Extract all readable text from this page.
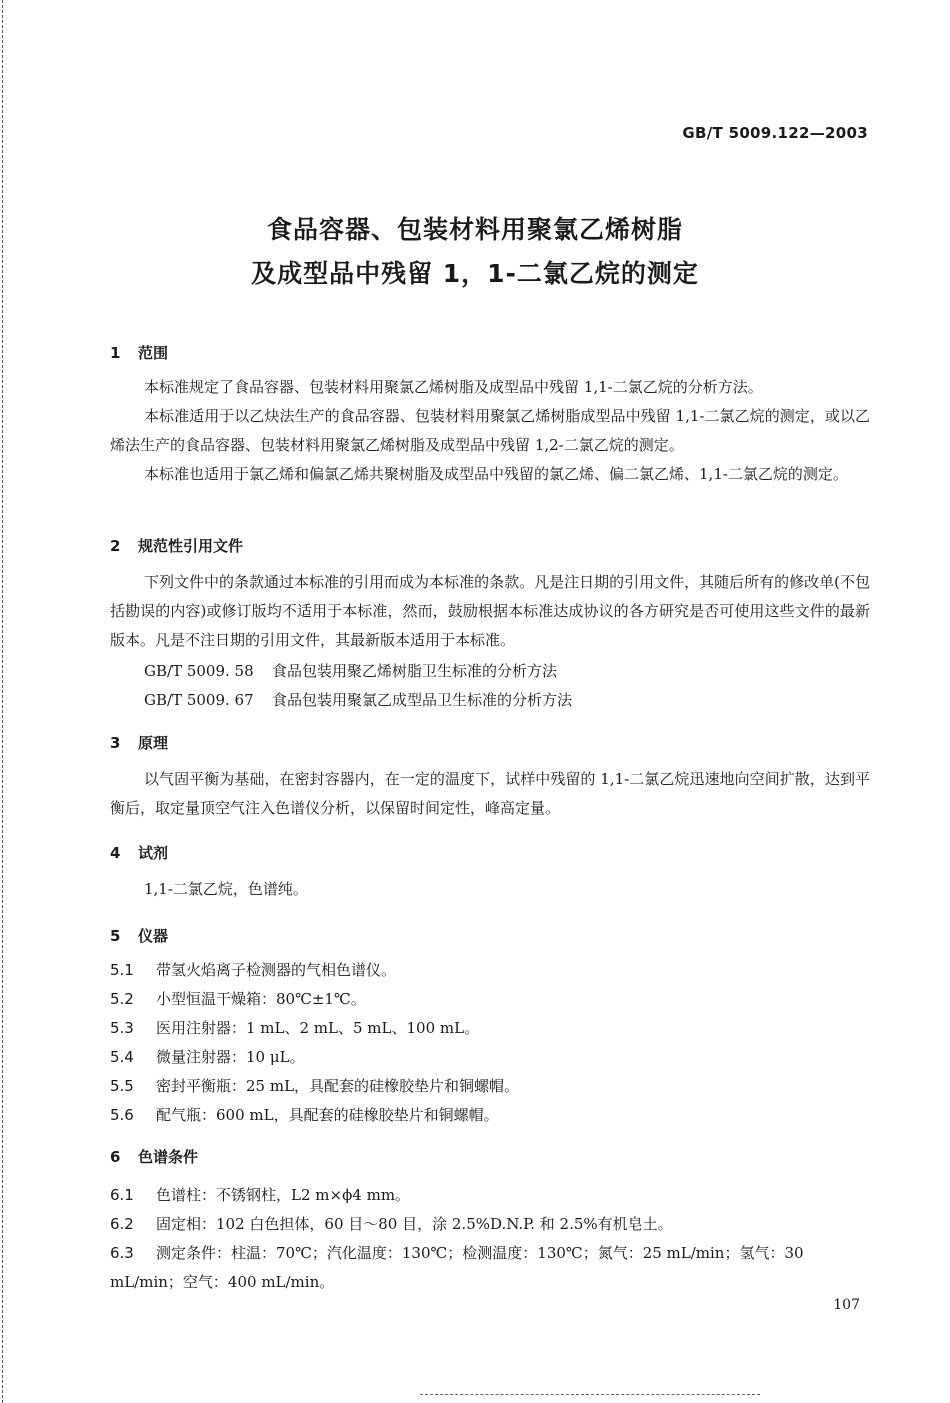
GB/T 5009.122—2003
食品容器、包装材料用聚氯乙烯树脂
及成型品中残留 1，1-二氯乙烷的测定
1 范围
本标准规定了食品容器、包装材料用聚氯乙烯树脂及成型品中残留 1,1-二氯乙烷的分析方法。
本标准适用于以乙炔法生产的食品容器、包装材料用聚氯乙烯树脂成型品中残留 1,1-二氯乙烷的测定，或以乙烯法生产的食品容器、包装材料用聚氯乙烯树脂及成型品中残留 1,2-二氯乙烷的测定。
本标准也适用于氯乙烯和偏氯乙烯共聚树脂及成型品中残留的氯乙烯、偏二氯乙烯、1,1-二氯乙烷的测定。
2 规范性引用文件
下列文件中的条款通过本标准的引用而成为本标准的条款。凡是注日期的引用文件，其随后所有的修改单(不包括勘误的内容)或修订版均不适用于本标准，然而，鼓励根据本标准达成协议的各方研究是否可使用这些文件的最新版本。凡是不注日期的引用文件，其最新版本适用于本标准。
GB/T 5009. 58 食品包装用聚乙烯树脂卫生标准的分析方法
GB/T 5009. 67 食品包装用聚氯乙成型品卫生标准的分析方法
3 原理
以气固平衡为基础，在密封容器内，在一定的温度下，试样中残留的 1,1-二氯乙烷迅速地向空间扩散，达到平衡后，取定量顶空气注入色谱仪分析，以保留时间定性，峰高定量。
4 试剂
1,1-二氯乙烷，色谱纯。
5 仪器
5.1 带氢火焰离子检测器的气相色谱仪。
5.2 小型恒温干燥箱：80℃±1℃。
5.3 医用注射器：1 mL、2 mL、5 mL、100 mL。
5.4 微量注射器：10 μL。
5.5 密封平衡瓶：25 mL，具配套的硅橡胶垫片和铜螺帽。
5.6 配气瓶：600 mL，具配套的硅橡胶垫片和铜螺帽。
6 色谱条件
6.1 色谱柱：不锈钢柱，L2 m×ϕ4 mm。
6.2 固定相：102 白色担体，60 目～80 目，涂 2.5%D.N.P. 和 2.5%有机皂土。
6.3 测定条件：柱温：70℃；汽化温度：130℃；检测温度：130℃；氮气：25 mL/min；氢气：30 mL/min；空气：400 mL/min。
107
